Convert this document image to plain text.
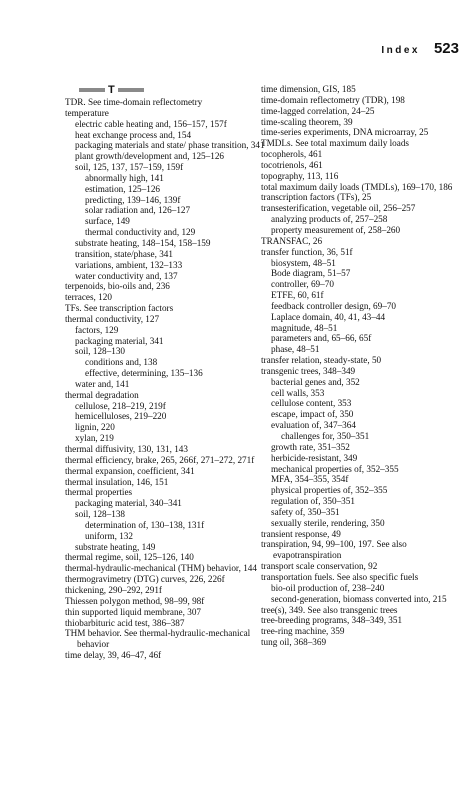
Index 523
T

TDR. See time-domain reflectometry

temperature

electric cable heating and, 156–157, 157f

heat exchange process and, 154

packaging materials and state/ phase transition, 341

plant growth/development and, 125–126

soil, 125, 137, 157–159, 159f

abnormally high, 141

estimation, 125–126

predicting, 139–146, 139f

solar radiation and, 126–127

surface, 149

thermal conductivity and, 129

substrate heating, 148–154, 158–159

transition, state/phase, 341

variations, ambient, 132–133

water conductivity and, 137

terpenoids, bio-oils and, 236

terraces, 120

TFs. See transcription factors

thermal conductivity, 127

factors, 129

packaging material, 341

soil, 128–130

conditions and, 138

effective, determining, 135–136

water and, 141

thermal degradation

cellulose, 218–219, 219f

hemicelluloses, 219–220

lignin, 220

xylan, 219

thermal diffusivity, 130, 131, 143

thermal efficiency, brake, 265, 266f, 271–272, 271f

thermal expansion, coefficient, 341

thermal insulation, 146, 151

thermal properties

packaging material, 340–341

soil, 128–138

determination of, 130–138, 131f

uniform, 132

substrate heating, 149

thermal regime, soil, 125–126, 140

thermal-hydraulic-mechanical (THM) behavior, 144

thermogravimetry (DTG) curves, 226, 226f

thickening, 290–292, 291f

Thiessen polygon method, 98–99, 98f

thin supported liquid membrane, 307

thiobarbituric acid test, 386–387

THM behavior. See thermal-hydraulic-mechanical behavior

time delay, 39, 46–47, 46f

time dimension, GIS, 185

time-domain reflectometry (TDR), 198

time-lagged correlation, 24–25

time-scaling theorem, 39

time-series experiments, DNA microarray, 25

TMDLs. See total maximum daily loads

tocopherols, 461

tocotrienols, 461

topography, 113, 116

total maximum daily loads (TMDLs), 169–170, 186

transcription factors (TFs), 25

transesterification, vegetable oil, 256–257

analyzing products of, 257–258

property measurement of, 258–260

TRANSFAC, 26

transfer function, 36, 51f

biosystem, 48–51

Bode diagram, 51–57

controller, 69–70

ETFE, 60, 61f

feedback controller design, 69–70

Laplace domain, 40, 41, 43–44

magnitude, 48–51

parameters and, 65–66, 65f

phase, 48–51

transfer relation, steady-state, 50

transgenic trees, 348–349

bacterial genes and, 352

cell walls, 353

cellulose content, 353

escape, impact of, 350

evaluation of, 347–364

challenges for, 350–351

growth rate, 351–352

herbicide-resistant, 349

mechanical properties of, 352–355

MFA, 354–355, 354f

physical properties of, 352–355

regulation of, 350–351

safety of, 350–351

sexually sterile, rendering, 350

transient response, 49

transpiration, 94, 99–100, 197. See also evapotranspiration

transport scale conservation, 92

transportation fuels. See also specific fuels

bio-oil production of, 238–240

second-generation, biomass converted into, 215

tree(s), 349. See also transgenic trees

tree-breeding programs, 348–349, 351

tree-ring machine, 359

tung oil, 368–369
